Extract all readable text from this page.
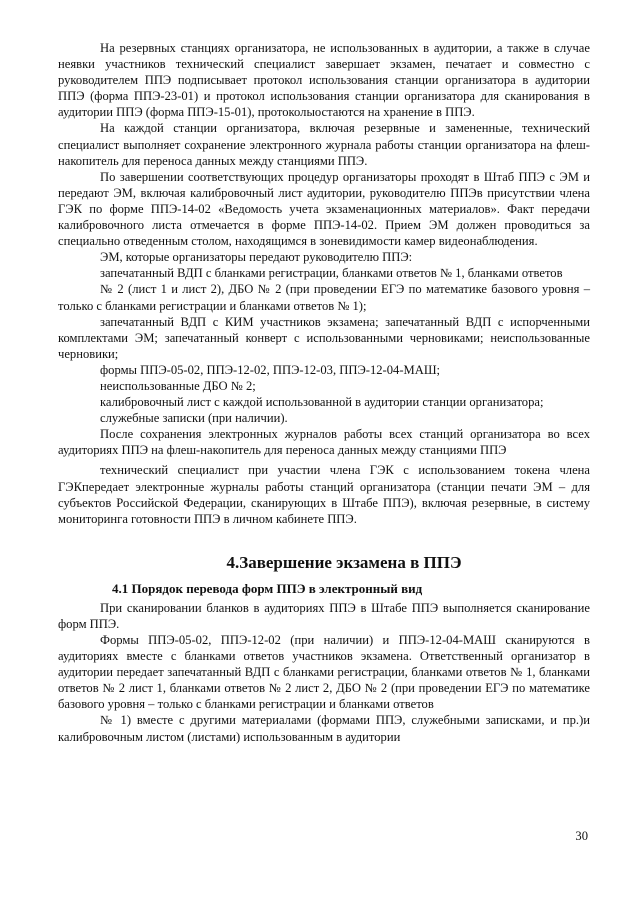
На резервных станциях организатора, не использованных в аудитории, а также в случае неявки участников технический специалист завершает экзамен, печатает и совместно с руководителем ППЭ подписывает протокол использования станции организатора в аудитории ППЭ (форма ППЭ-23-01) и протокол использования станции организатора для сканирования в аудитории ППЭ (форма ППЭ-15-01), протоколыостаются на хранение в ППЭ.

На каждой станции организатора, включая резервные и замененные, технический специалист выполняет сохранение электронного журнала работы станции организатора на флеш-накопитель для переноса данных между станциями ППЭ.

По завершении соответствующих процедур организаторы проходят в Штаб ППЭ с ЭМ и передают ЭМ, включая калибровочный лист аудитории, руководителю ППЭв присутствии члена ГЭК по форме ППЭ-14-02 «Ведомость учета экзаменационных материалов». Факт передачи калибровочного листа отмечается в форме ППЭ-14-02. Прием ЭМ должен проводиться за специально отведенным столом, находящимся в зоневидимости камер видеонаблюдения.

ЭМ, которые организаторы передают руководителю ППЭ:

запечатанный ВДП с бланками регистрации, бланками ответов № 1, бланками ответов

№ 2 (лист 1 и лист 2), ДБО № 2 (при проведении ЕГЭ по математике базового уровня – только с бланками регистрации и бланками ответов № 1);

запечатанный ВДП с КИМ участников экзамена; запечатанный ВДП с испорченными комплектами ЭМ; запечатанный конверт с использованными черновиками; неиспользованные черновики;

формы ППЭ-05-02, ППЭ-12-02, ППЭ-12-03, ППЭ-12-04-МАШ;

неиспользованные ДБО № 2;

калибровочный лист с каждой использованной в аудитории станции организатора;

служебные записки (при наличии).

После сохранения электронных журналов работы всех станций организатора во всех аудиториях ППЭ на флеш-накопитель для переноса данных между станциями ППЭ

технический специалист при участии члена ГЭК с использованием токена члена ГЭКпередает электронные журналы работы станций организатора (станции печати ЭМ – для субъектов Российской Федерации, сканирующих в Штабе ППЭ), включая резервные, в систему мониторинга готовности ППЭ в личном кабинете ППЭ.

4.Завершение экзамена в ППЭ

4.1 Порядок перевода форм ППЭ в электронный вид

При сканировании бланков в аудиториях ППЭ в Штабе ППЭ выполняется сканирование форм ППЭ.

Формы ППЭ-05-02, ППЭ-12-02 (при наличии) и ППЭ-12-04-МАШ сканируются в аудиториях вместе с бланками ответов участников экзамена. Ответственный организатор в аудитории передает запечатанный ВДП с бланками регистрации, бланками ответов № 1, бланками ответов № 2 лист 1, бланками ответов № 2 лист 2, ДБО № 2 (при проведении ЕГЭ по математике базового уровня – только с бланками регистрации и бланками ответов

№ 1) вместе с другими материалами (формами ППЭ, служебными записками, и пр.)и калибровочным листом (листами) использованным в аудитории

30
